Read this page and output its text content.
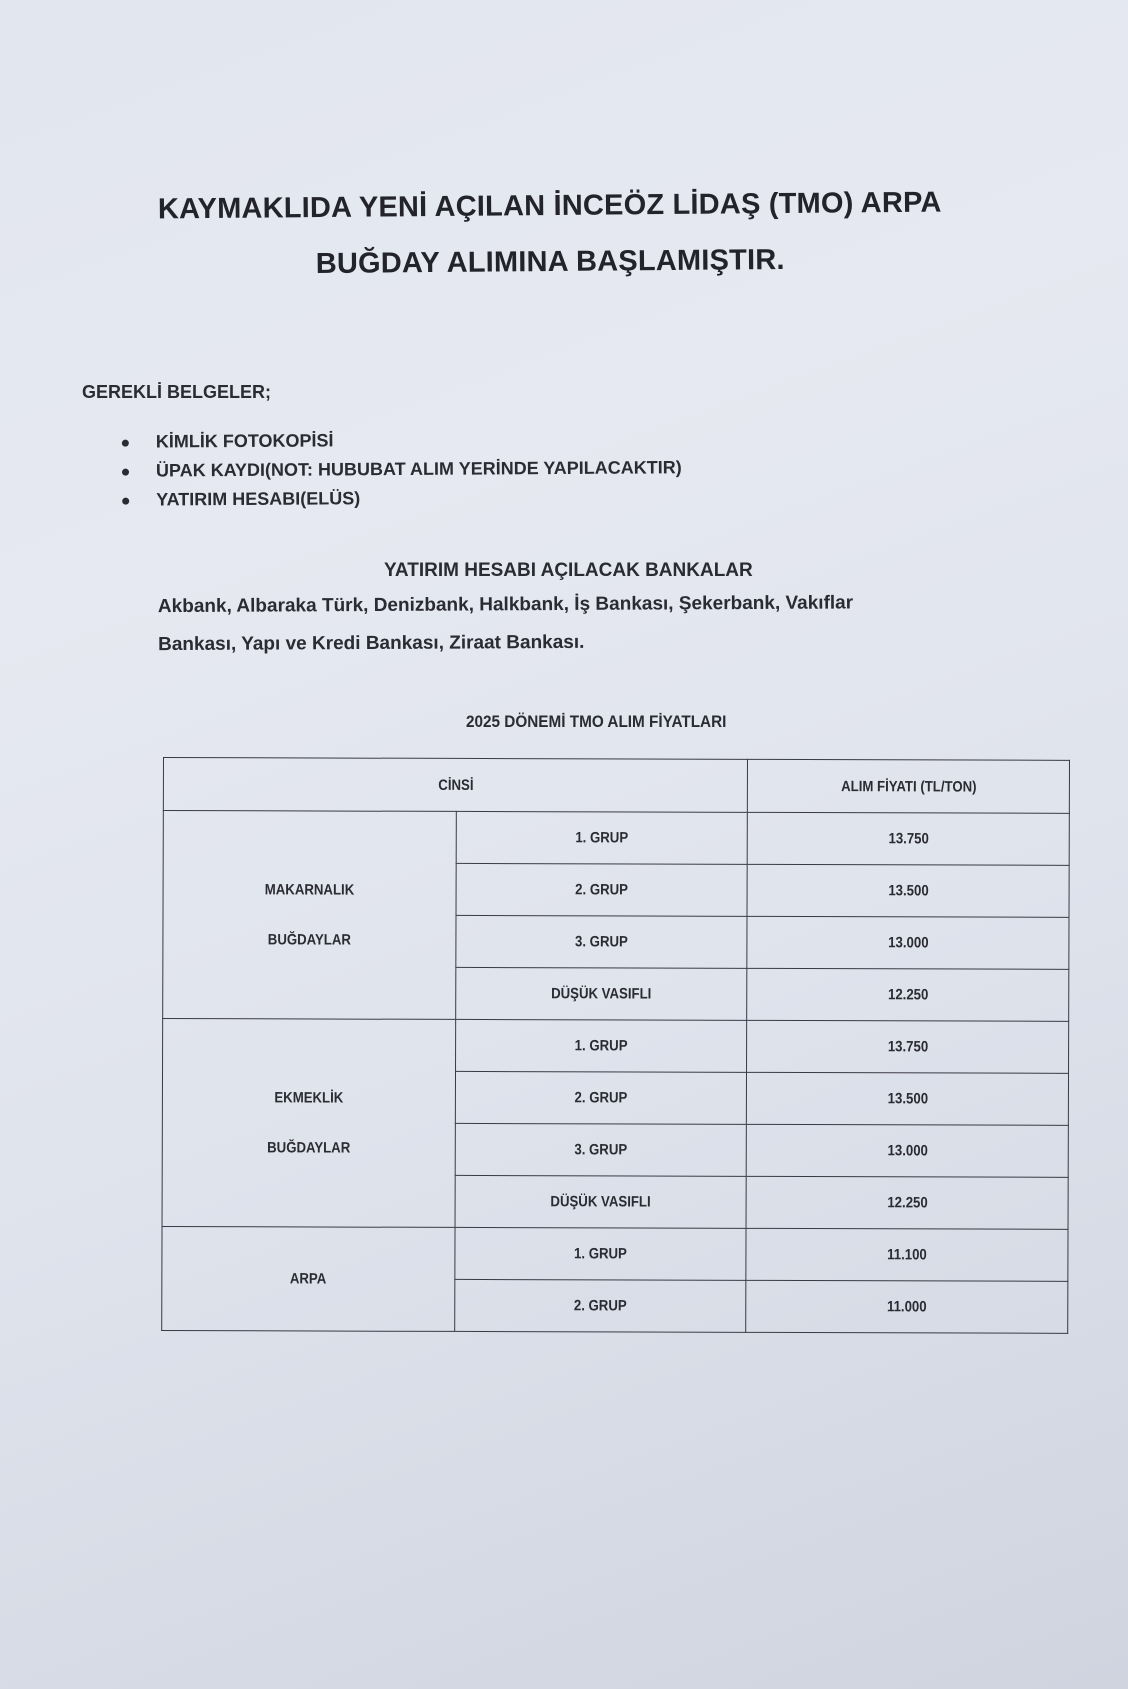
KAYMAKLIDA YENİ AÇILAN İNCEÖZ LİDAŞ (TMO) ARPA
BUĞDAY ALIMINA BAŞLAMIŞTIR.
GEREKLİ BELGELER;
KİMLİK FOTOKOPİSİ
ÜPAK KAYDI(NOT: HUBUBAT ALIM YERİNDE YAPILACAKTIR)
YATIRIM HESABI(ELÜS)
YATIRIM HESABI AÇILACAK BANKALAR
Akbank, Albaraka Türk, Denizbank, Halkbank, İş Bankası, Şekerbank, Vakıflar
Bankası, Yapı ve Kredi Bankası, Ziraat Bankası.
2025 DÖNEMİ TMO ALIM FİYATLARI
CİNSİ		ALIM FİYATI (TL/TON)

MAKARNALIK
BUĞDAYLAR	1. GRUP	13.750
	2. GRUP	13.500
	3. GRUP	13.000
	DÜŞÜK VASIFLI	12.250

EKMEKLİK
BUĞDAYLAR	1. GRUP	13.750
	2. GRUP	13.500
	3. GRUP	13.000
	DÜŞÜK VASIFLI	12.250
ARPA	1. GRUP	11.100
	2. GRUP	11.000
